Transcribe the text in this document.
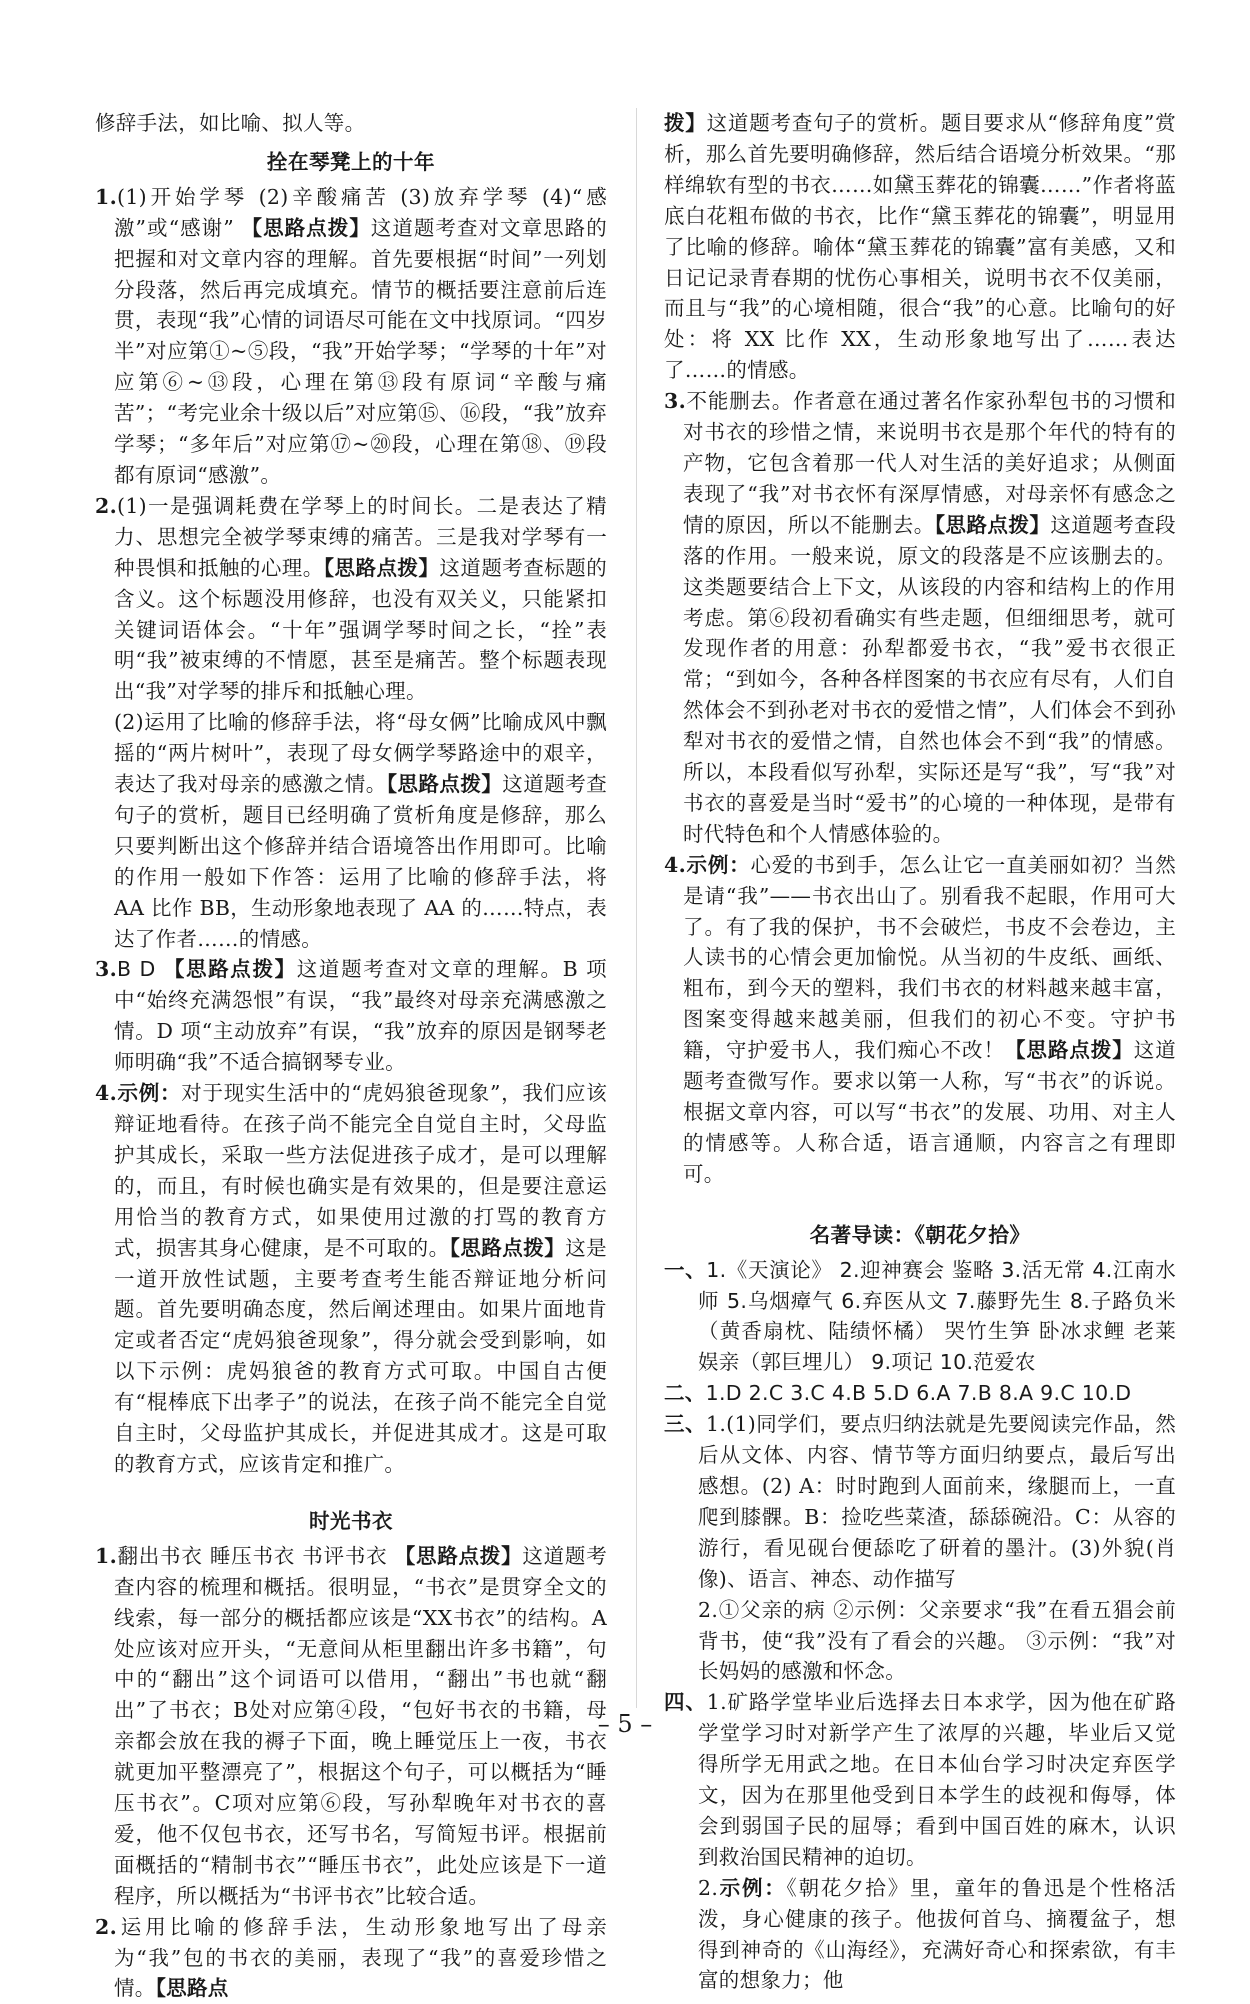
修辞手法，如比喻、拟人等。

拴在琴凳上的十年

1.(1)开始学琴 (2)辛酸痛苦 (3)放弃学琴 (4)“感激”或“感谢” 【思路点拨】这道题考查对文章思路的把握和对文章内容的理解。首先要根据“时间”一列划分段落，然后再完成填充。情节的概括要注意前后连贯，表现“我”心情的词语尽可能在文中找原词。“四岁半”对应第①~⑤段，“我”开始学琴；“学琴的十年”对应第⑥~⑬段，心理在第⑬段有原词“辛酸与痛苦”；“考完业余十级以后”对应第⑮、⑯段，“我”放弃学琴；“多年后”对应第⑰~⑳段，心理在第⑱、⑲段都有原词“感激”。

2.(1)一是强调耗费在学琴上的时间长。二是表达了精力、思想完全被学琴束缚的痛苦。三是我对学琴有一种畏惧和抵触的心理。【思路点拨】这道题考查标题的含义。这个标题没用修辞，也没有双关义，只能紧扣关键词语体会。“十年”强调学琴时间之长，“拴”表明“我”被束缚的不情愿，甚至是痛苦。整个标题表现出“我”对学琴的排斥和抵触心理。

(2)运用了比喻的修辞手法，将“母女俩”比喻成风中飘摇的“两片树叶”，表现了母女俩学琴路途中的艰辛，表达了我对母亲的感激之情。【思路点拨】这道题考查句子的赏析，题目已经明确了赏析角度是修辞，那么只要判断出这个修辞并结合语境答出作用即可。比喻的作用一般如下作答：运用了比喻的修辞手法，将 AA 比作 BB，生动形象地表现了 AA 的……特点，表达了作者……的情感。

3.B D 【思路点拨】这道题考查对文章的理解。B 项中“始终充满怨恨”有误，“我”最终对母亲充满感激之情。D 项“主动放弃”有误，“我”放弃的原因是钢琴老师明确“我”不适合搞钢琴专业。

4.示例：对于现实生活中的“虎妈狼爸现象”，我们应该辩证地看待。在孩子尚不能完全自觉自主时，父母监护其成长，采取一些方法促进孩子成才，是可以理解的，而且，有时候也确实是有效果的，但是要注意运用恰当的教育方式，如果使用过激的打骂的教育方式，损害其身心健康，是不可取的。【思路点拨】这是一道开放性试题，主要考查考生能否辩证地分析问题。首先要明确态度，然后阐述理由。如果片面地肯定或者否定“虎妈狼爸现象”，得分就会受到影响，如以下示例：虎妈狼爸的教育方式可取。中国自古便有“棍棒底下出孝子”的说法，在孩子尚不能完全自觉自主时，父母监护其成长，并促进其成才。这是可取的教育方式，应该肯定和推广。

时光书衣

1.翻出书衣 睡压书衣 书评书衣 【思路点拨】这道题考查内容的梳理和概括。很明显，“书衣”是贯穿全文的线索，每一部分的概括都应该是“XX书衣”的结构。A处应该对应开头，“无意间从柜里翻出许多书籍”，句中的“翻出”这个词语可以借用，“翻出”书也就“翻出”了书衣；B处对应第④段，“包好书衣的书籍，母亲都会放在我的褥子下面，晚上睡觉压上一夜，书衣就更加平整漂亮了”，根据这个句子，可以概括为“睡压书衣”。C项对应第⑥段，写孙犁晚年对书衣的喜爱，他不仅包书衣，还写书名，写简短书评。根据前面概括的“精制书衣”“睡压书衣”，此处应该是下一道程序，所以概括为“书评书衣”比较合适。

2.运用比喻的修辞手法，生动形象地写出了母亲为“我”包的书衣的美丽，表现了“我”的喜爱珍惜之情。【思路点

拨】这道题考查句子的赏析。题目要求从“修辞角度”赏析，那么首先要明确修辞，然后结合语境分析效果。“那样绵软有型的书衣……如黛玉葬花的锦囊……”作者将蓝底白花粗布做的书衣，比作“黛玉葬花的锦囊”，明显用了比喻的修辞。喻体“黛玉葬花的锦囊”富有美感，又和日记记录青春期的忧伤心事相关，说明书衣不仅美丽，而且与“我”的心境相随，很合“我”的心意。比喻句的好处：将 XX 比作 XX，生动形象地写出了……表达了……的情感。

3.不能删去。作者意在通过著名作家孙犁包书的习惯和对书衣的珍惜之情，来说明书衣是那个年代的特有的产物，它包含着那一代人对生活的美好追求；从侧面表现了“我”对书衣怀有深厚情感，对母亲怀有感念之情的原因，所以不能删去。【思路点拨】这道题考查段落的作用。一般来说，原文的段落是不应该删去的。这类题要结合上下文，从该段的内容和结构上的作用考虑。第⑥段初看确实有些走题，但细细思考，就可发现作者的用意：孙犁都爱书衣，“我”爱书衣很正常；“到如今，各种各样图案的书衣应有尽有，人们自然体会不到孙老对书衣的爱惜之情”，人们体会不到孙犁对书衣的爱惜之情，自然也体会不到“我”的情感。所以，本段看似写孙犁，实际还是写“我”，写“我”对书衣的喜爱是当时“爱书”的心境的一种体现，是带有时代特色和个人情感体验的。

4.示例：心爱的书到手，怎么让它一直美丽如初？当然是请“我”——书衣出山了。别看我不起眼，作用可大了。有了我的保护，书不会破烂，书皮不会卷边，主人读书的心情会更加愉悦。从当初的牛皮纸、画纸、粗布，到今天的塑料，我们书衣的材料越来越丰富，图案变得越来越美丽，但我们的初心不变。守护书籍，守护爱书人，我们痴心不改！【思路点拨】这道题考查微写作。要求以第一人称，写“书衣”的诉说。根据文章内容，可以写“书衣”的发展、功用、对主人的情感等。人称合适，语言通顺，内容言之有理即可。

名著导读：《朝花夕拾》

一、1.《天演论》 2.迎神赛会 鉴略 3.活无常 4.江南水师 5.乌烟瘴气 6.弃医从文 7.藤野先生 8.子路负米（黄香扇枕、陆绩怀橘） 哭竹生笋 卧冰求鲤 老莱娱亲（郭巨埋儿） 9.项记 10.范爱农

二、1.D 2.C 3.C 4.B 5.D 6.A 7.B 8.A 9.C 10.D

三、1.(1)同学们，要点归纳法就是先要阅读完作品，然后从文体、内容、情节等方面归纳要点，最后写出感想。(2) A：时时跑到人面前来，缘腿而上，一直爬到膝髁。B：捡吃些菜渣，舔舔碗沿。C：从容的游行，看见砚台便舔吃了研着的墨汁。(3)外貌(肖像)、语言、神态、动作描写

2.①父亲的病 ②示例：父亲要求“我”在看五猖会前背书，使“我”没有了看会的兴趣。 ③示例：“我”对长妈妈的感激和怀念。

四、1.矿路学堂毕业后选择去日本求学，因为他在矿路学堂学习时对新学产生了浓厚的兴趣，毕业后又觉得所学无用武之地。在日本仙台学习时决定弃医学文，因为在那里他受到日本学生的歧视和侮辱，体会到弱国子民的屈辱；看到中国百姓的麻木，认识到救治国民精神的迫切。

2.示例：《朝花夕拾》里，童年的鲁迅是个性格活泼，身心健康的孩子。他拔何首乌、摘覆盆子，想得到神奇的《山海经》，充满好奇心和探索欲，有丰富的想象力；他

– 5 –
